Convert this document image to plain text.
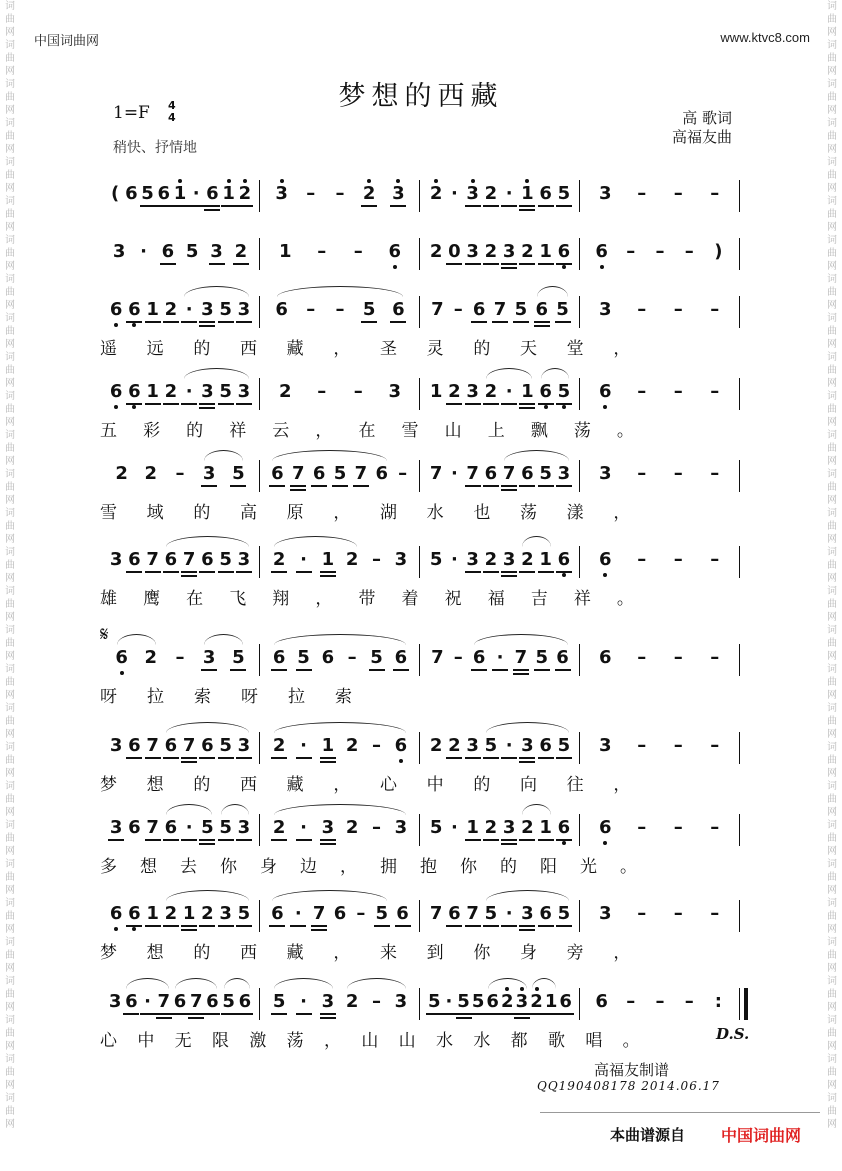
词
曲
网
词
曲
网
词
曲
网
词
曲
网
词
曲
网
词
曲
网
词
曲
网
词
曲
网
词
曲
网
词
曲
网
词
曲
网
词
曲
网
词
曲
网
词
曲
网
词
曲
网
词
曲
网
词
曲
网
词
曲
网
词
曲
网
词
曲
网
词
曲
网
词
曲
网
词
曲
网
词
曲
网
词
曲
网
词
曲
网
词
曲
网
词
曲
网
词
曲
网

词
曲
网
词
曲
网
词
曲
网
词
曲
网
词
曲
网
词
曲
网
词
曲
网
词
曲
网
词
曲
网
词
曲
网
词
曲
网
词
曲
网
词
曲
网
词
曲
网
词
曲
网
词
曲
网
词
曲
网
词
曲
网
词
曲
网
词
曲
网
词
曲
网
词
曲
网
词
曲
网
词
曲
网
词
曲
网
词
曲
网
词
曲
网
词
曲
网
词
曲
网

中国词曲网	www.ktvc8.com
梦想的西藏
1=F 4
4
稍快、抒情地
高 歌词
高福友曲
𝄋
( 6 5 6 1 · 6 1 2 3 – – 2 3 2 · 3 2 · 1 6 5 3 – – –
3 · 6 5 3 2 1 – – 6 2 0 3 2 3 2 1 6 6 – – – )
6 6 1 2 · 3 5 3 6 – – 5 6 7 – 6 7 5 6 5 3 – – –
遥远的西藏，圣灵的天堂，
6 6 1 2 · 3 5 3 2 – – 3 1 2 3 2 · 1 6 5 6 – – –
五彩的祥云，在雪山上飘荡。
2 2 – 3 5 6 7 6 5 7 6 – 7 · 7 6 7 6 5 3 3 – – –
雪域的高原，湖水也荡漾，
3 6 7 6 7 6 5 3 2 · 1 2 – 3 5 · 3 2 3 2 1 6 6 – – –
雄鹰在飞翔，带着祝福吉祥。
6 2 – 3 5 6 5 6 – 5 6 7 – 6 · 7 5 6 6 – – –
呀拉索呀拉索
3 6 7 6 7 6 5 3 2 · 1 2 – 6 2 2 3 5 · 3 6 5 3 – – –
梦想的西藏，心中的向往，
3 6 7 6 · 5 5 3 2 · 3 2 – 3 5 · 1 2 3 2 1 6 6 – – –
多想去你身边，拥抱你的阳光。
6 6 1 2 1 2 3 5 6 · 7 6 – 5 6 7 6 7 5 · 3 6 5 3 – – –
梦想的西藏，来到你身旁，
3 6 · 7 6 7 6 5 6 5 · 3 2 – 3 5 · 5 5 6 2 3 2 1 6 6 – – – :
心中无限激荡，山山水水都歌唱。	D.S.
高福友制谱
QQ190408178 2014.06.17
本曲谱源自 中国词曲网
